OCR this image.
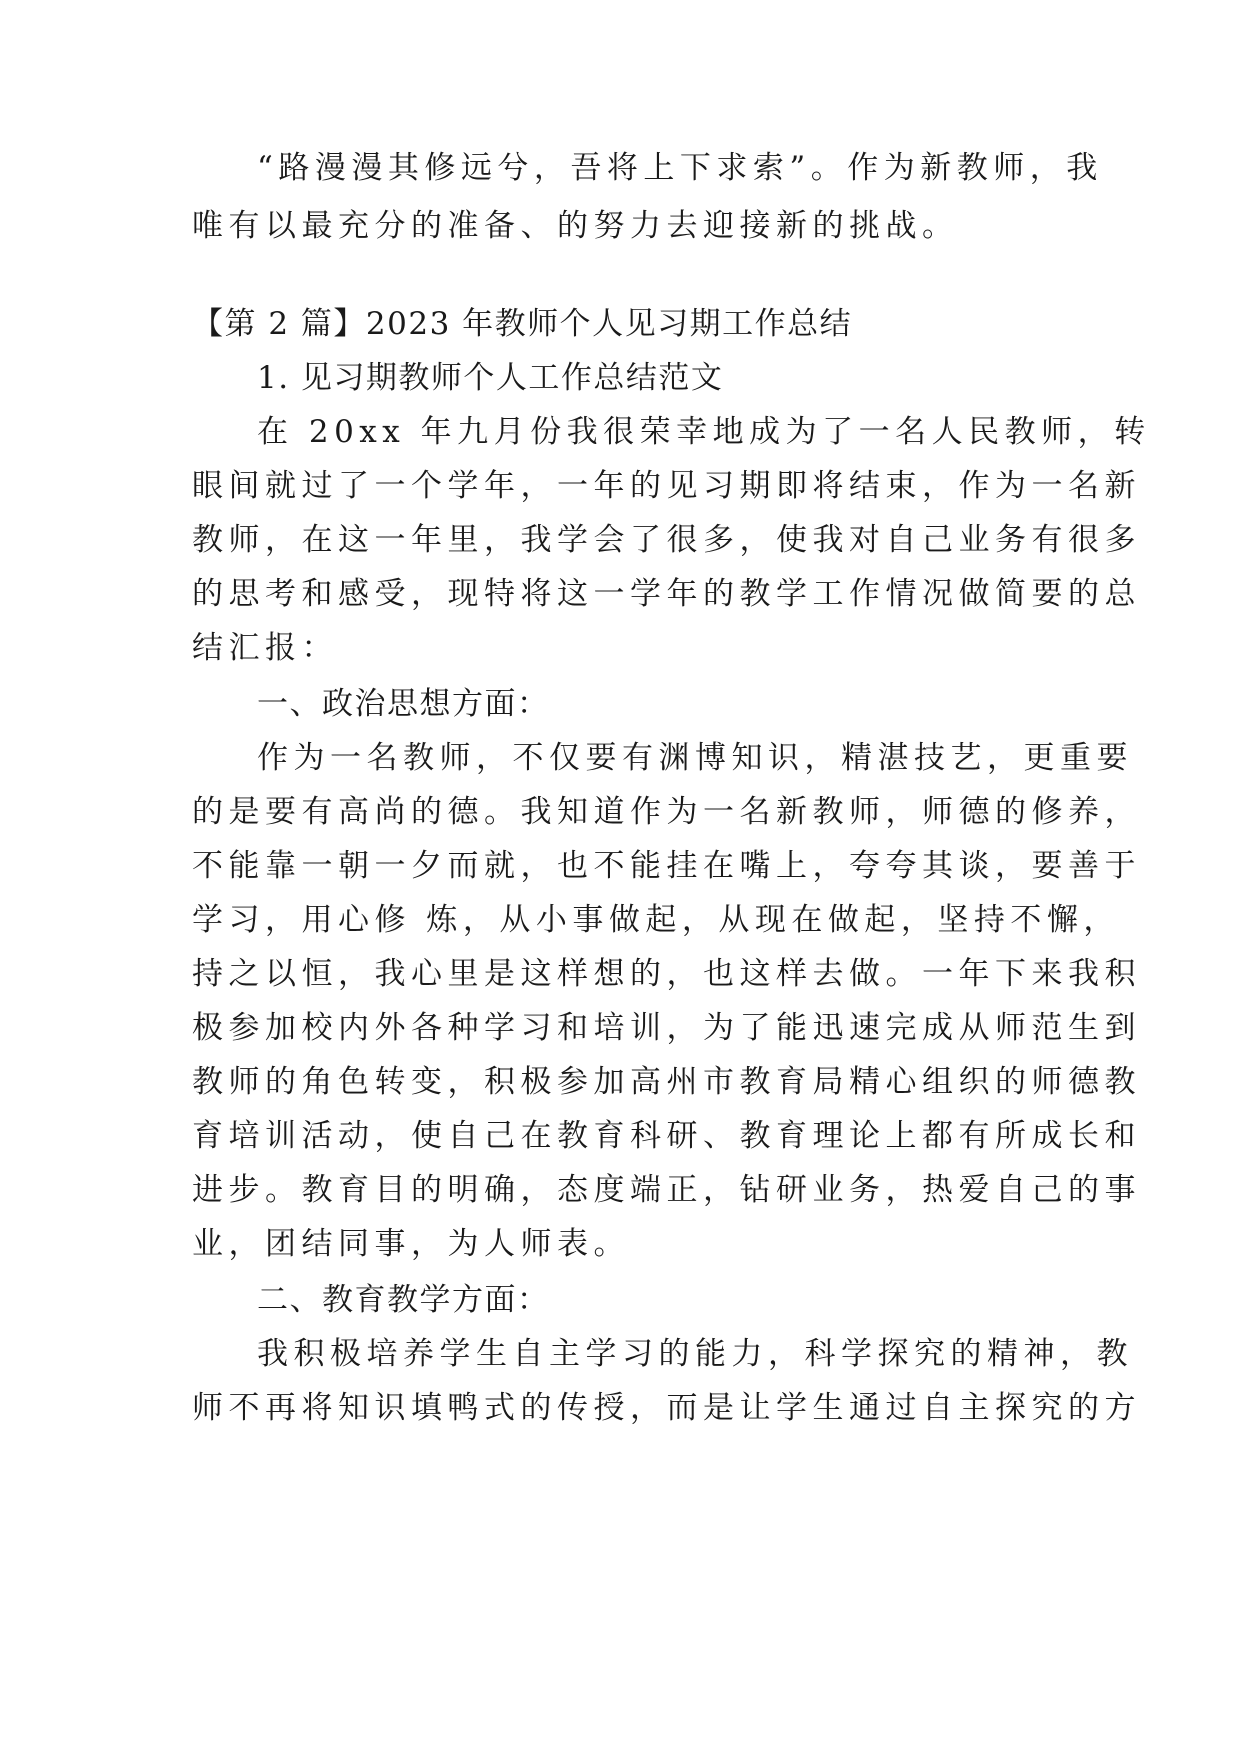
“路漫漫其修远兮，吾将上下求索”。作为新教师，我
唯有以最充分的准备、的努力去迎接新的挑战。
【第 2 篇】2023 年教师个人见习期工作总结
1. 见习期教师个人工作总结范文
在 20xx 年九月份我很荣幸地成为了一名人民教师，转
眼间就过了一个学年，一年的见习期即将结束，作为一名新
教师，在这一年里，我学会了很多，使我对自己业务有很多
的思考和感受，现特将这一学年的教学工作情况做简要的总
结汇报：
一、政治思想方面：
作为一名教师，不仅要有渊博知识，精湛技艺，更重要
的是要有高尚的德。我知道作为一名新教师，师德的修养，
不能靠一朝一夕而就，也不能挂在嘴上，夸夸其谈，要善于
学习，用心修 炼，从小事做起，从现在做起，坚持不懈，
持之以恒，我心里是这样想的，也这样去做。一年下来我积
极参加校内外各种学习和培训，为了能迅速完成从师范生到
教师的角色转变，积极参加高州市教育局精心组织的师德教
育培训活动，使自己在教育科研、教育理论上都有所成长和
进步。教育目的明确，态度端正，钻研业务，热爱自己的事
业，团结同事，为人师表。
二、教育教学方面：
我积极培养学生自主学习的能力，科学探究的精神，教
师不再将知识填鸭式的传授，而是让学生通过自主探究的方
